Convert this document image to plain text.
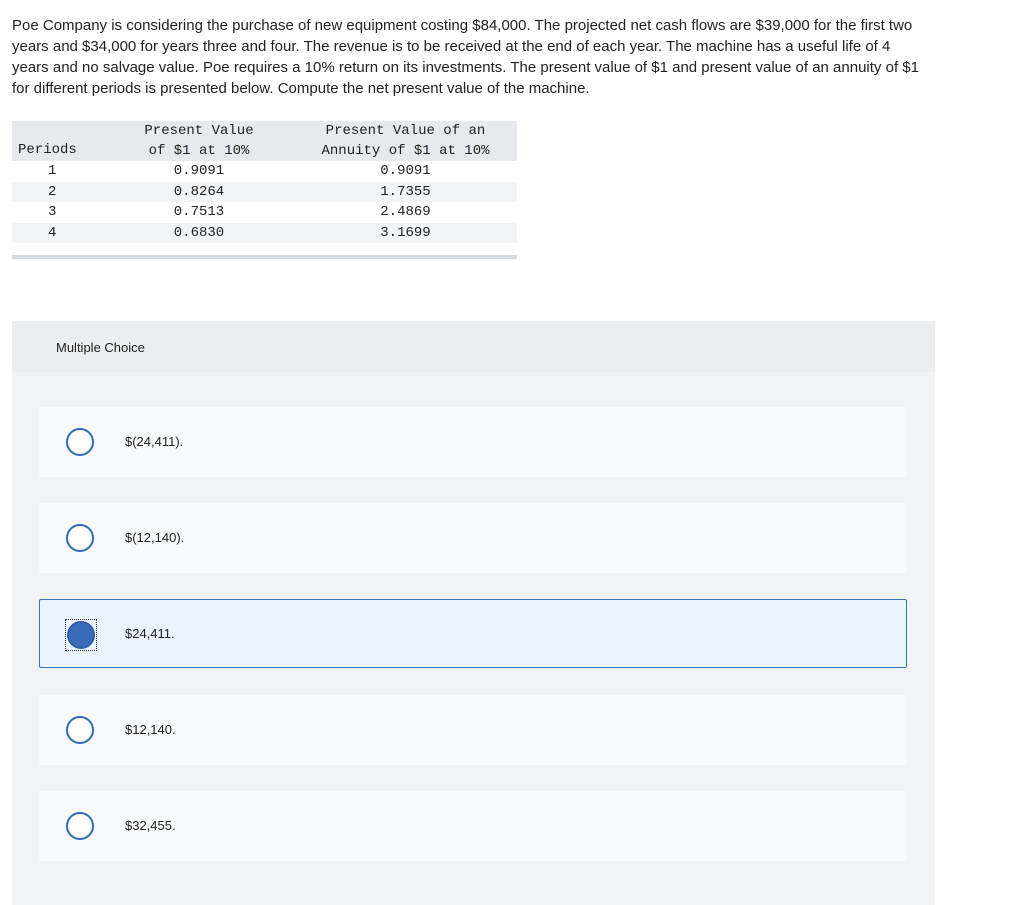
Poe Company is considering the purchase of new equipment costing $84,000. The projected net cash flows are $39,000 for the first two years and $34,000 for years three and four. The revenue is to be received at the end of each year. The machine has a useful life of 4 years and no salvage value. Poe requires a 10% return on its investments. The present value of $1 and present value of an annuity of $1 for different periods is presented below. Compute the net present value of the machine.

Periods	Present Value	Present Value of an
	of $1 at 10%	Annuity of $1 at 10%
1	0.9091	0.9091
2	0.8264	1.7355
3	0.7513	2.4869
4	0.6830	3.1699
Multiple Choice
$(24,411).
$(12,140).
$24,411.
$12,140.
$32,455.
